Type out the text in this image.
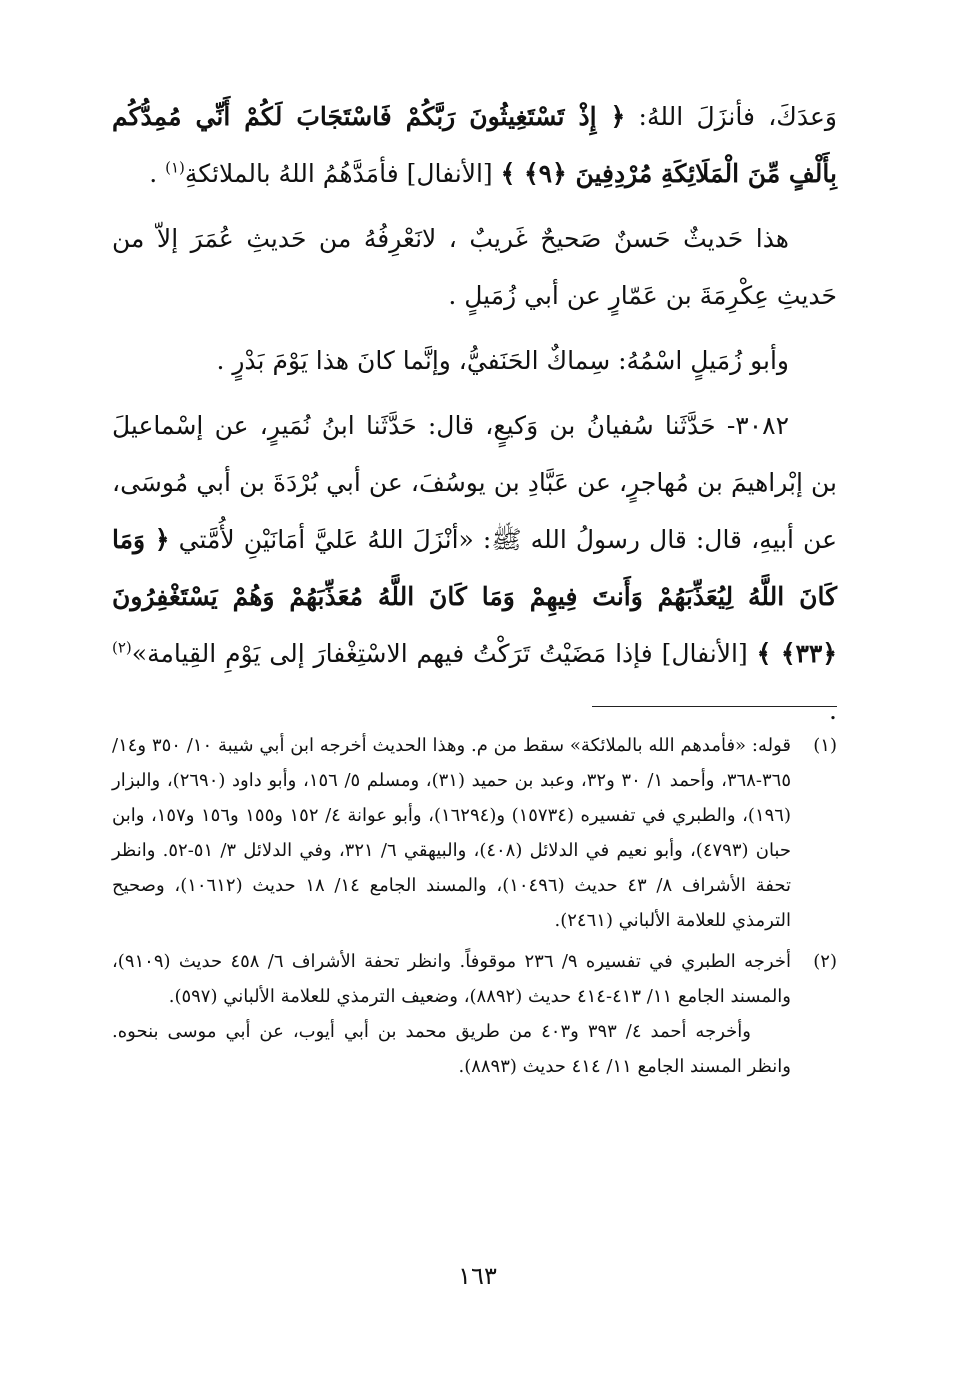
وَعدَكَ، فأنزَلَ اللهُ: ﴿ إِذْ تَسْتَغِيثُونَ رَبَّكُمْ فَاسْتَجَابَ لَكُمْ أَنِّي مُمِدُّكُم بِأَلْفٍ مِّنَ الْمَلَائِكَةِ مُرْدِفِينَ ﴿٩﴾ ﴾ [الأنفال] فأمَدَّهُمُ اللهُ بالملائكةِ$^{(١)}$ .

هذا حَديثٌ حَسنٌ صَحيحٌ غَريبٌ ، لانَعْرِفُهُ من حَديثِ عُمَرَ إلاّ من حَديثِ عِكْرِمَةَ بن عَمّارٍ عن أبي زُمَيلٍ .

وأبو زُمَيلٍ اسْمُهُ: سِماكٌ الحَنَفيُّ، وإنَّما كانَ هذا يَوْمَ بَدْرٍ .

٣٠٨٢- حَدَّثَنا سُفيانُ بن وَكيعٍ، قال: حَدَّثَنا ابنُ نُمَيرٍ، عن إسْماعيلَ بن إبْراهيمَ بن مُهاجرٍ، عن عَبَّادِ بن يوسُفَ، عن أبي بُرْدَةَ بن أبي مُوسَى، عن أبيهِ، قال: قال رسولُ الله ﷺ: «أنْزَلَ اللهُ عَليَّ أمَانَيْنِ لأُمَّتي ﴿ وَمَا كَانَ اللَّهُ لِيُعَذِّبَهُمْ وَأَنتَ فِيهِمْ وَمَا كَانَ اللَّهُ مُعَذِّبَهُمْ وَهُمْ يَسْتَغْفِرُونَ ﴿٣٣﴾ ﴾ [الأنفال] فإذا مَضَيْتُ تَرَكْتُ فيهم الاسْتِغْفارَ إلى يَوْمِ القِيامة»$^{(٢)}$ .

(١)
قوله: «فأمدهم الله بالملائكة» سقط من م. وهذا الحديث أخرجه ابن أبي شيبة ١٠/ ٣٥٠ و١٤/ ٣٦٥-٣٦٨، وأحمد ١/ ٣٠ و٣٢، وعبد بن حميد (٣١)، ومسلم ٥/ ١٥٦، وأبو داود (٢٦٩٠)، والبزار (١٩٦)، والطبري في تفسيره (١٥٧٣٤) و(١٦٢٩٤)، وأبو عوانة ٤/ ١٥٢ و١٥٥ و١٥٦ و١٥٧، وابن حبان (٤٧٩٣)، وأبو نعيم في الدلائل (٤٠٨)، والبيهقي ٦/ ٣٢١، وفي الدلائل ٣/ ٥١-٥٢. وانظر تحفة الأشراف ٨/ ٤٣ حديث (١٠٤٩٦)، والمسند الجامع ١٤/ ١٨ حديث (١٠٦١٢)، وصحيح الترمذي للعلامة الألباني (٢٤٦١).
(٢)
أخرجه الطبري في تفسيره ٩/ ٢٣٦ موقوفاً. وانظر تحفة الأشراف ٦/ ٤٥٨ حديث (٩١٠٩)، والمسند الجامع ١١/ ٤١٣-٤١٤ حديث (٨٨٩٢)، وضعيف الترمذي للعلامة الألباني (٥٩٧).

وأخرجه أحمد ٤/ ٣٩٣ و٤٠٣ من طريق محمد بن أبي أيوب، عن أبي موسى بنحوه. وانظر المسند الجامع ١١/ ٤١٤ حديث (٨٨٩٣).

١٦٣
